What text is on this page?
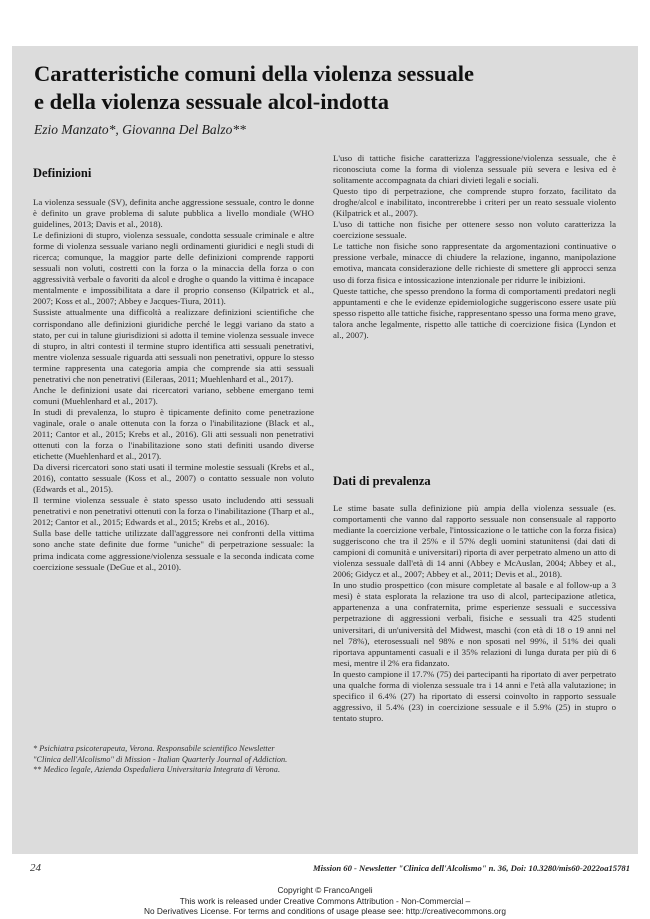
Caratteristiche comuni della violenza sessuale
e della violenza sessuale alcol-indotta

Ezio Manzato*, Giovanna Del Balzo**

Definizioni

La violenza sessuale (SV), definita anche aggressione sessuale, contro le donne è definito un grave problema di salute pubblica a livello mondiale (WHO guidelines, 2013; Davis et al., 2018).

Le definizioni di stupro, violenza sessuale, condotta sessuale criminale e altre forme di violenza sessuale variano negli ordinamenti giuridici e negli studi di ricerca; comunque, la maggior parte delle definizioni comprende rapporti sessuali non voluti, costretti con la forza o la minaccia della forza o con aggressività verbale o favoriti da alcol e droghe o quando la vittima è incapace mentalmente e impossibilitata a dare il proprio consenso (Kilpatrick et al., 2007; Koss et al., 2007; Abbey e Jacques-Tiura, 2011).

Sussiste attualmente una difficoltà a realizzare definizioni scientifiche che corrispondano alle definizioni giuridiche perché le leggi variano da stato a stato, per cui in talune giurisdizioni si adotta il temine violenza sessuale invece di stupro, in altri contesti il termine stupro identifica atti sessuali penetrativi, mentre violenza sessuale riguarda atti sessuali non penetrativi, oppure lo stesso termine rappresenta una categoria ampia che comprende sia atti sessuali penetrativi che non penetrativi (Eileraas, 2011; Muehlenhard et al., 2017).

Anche le definizioni usate dai ricercatori variano, sebbene emergano temi comuni (Muehlenhard et al., 2017).

In studi di prevalenza, lo stupro è tipicamente definito come penetrazione vaginale, orale o anale ottenuta con la forza o l'inabilitazione (Black et al., 2011; Cantor et al., 2015; Krebs et al., 2016). Gli atti sessuali non penetrativi ottenuti con la forza o l'inabilitazione sono stati definiti usando diverse etichette (Muehlenhard et al., 2017).

Da diversi ricercatori sono stati usati il termine molestie sessuali (Krebs et al., 2016), contatto sessuale (Koss et al., 2007) o contatto sessuale non voluto (Edwards et al., 2015).

Il termine violenza sessuale è stato spesso usato includendo atti sessuali penetrativi e non penetrativi ottenuti con la forza o l'inabilitazione (Tharp et al., 2012; Cantor et al., 2015; Edwards et al., 2015; Krebs et al., 2016).

Sulla base delle tattiche utilizzate dall'aggressore nei confronti della vittima sono anche state definite due forme "uniche" di perpetrazione sessuale: la prima indicata come aggressione/violenza sessuale e la seconda indicata come coercizione sessuale (DeGue et al., 2010).

* Psichiatra psicoterapeuta, Verona. Responsabile scientifico Newsletter "Clinica dell'Alcolismo" di Mission - Italian Quarterly Journal of Addiction.

** Medico legale, Azienda Ospedaliera Universitaria Integrata di Verona.

L'uso di tattiche fisiche caratterizza l'aggressione/violenza sessuale, che è riconosciuta come la forma di violenza sessuale più severa e lesiva ed è solitamente accompagnata da chiari divieti legali e sociali.

Questo tipo di perpetrazione, che comprende stupro forzato, facilitato da droghe/alcol e inabilitato, incontrerebbe i criteri per un reato sessuale violento (Kilpatrick et al., 2007).

L'uso di tattiche non fisiche per ottenere sesso non voluto caratterizza la coercizione sessuale.

Le tattiche non fisiche sono rappresentate da argomentazioni continuative o pressione verbale, minacce di chiudere la relazione, inganno, manipolazione emotiva, mancata considerazione delle richieste di smettere gli approcci senza uso di forza fisica e intossicazione intenzionale per ridurre le inibizioni.

Queste tattiche, che spesso prendono la forma di comportamenti predatori negli appuntamenti e che le evidenze epidemiologiche suggeriscono essere usate più spesso rispetto alle tattiche fisiche, rappresentano spesso una forma meno grave, talora anche legalmente, rispetto alle tattiche di coercizione fisica (Lyndon et al., 2007).

Dati di prevalenza

Le stime basate sulla definizione più ampia della violenza sessuale (es. comportamenti che vanno dal rapporto sessuale non consensuale al rapporto mediante la coercizione verbale, l'intossicazione o le tattiche con la forza fisica) suggeriscono che tra il 25% e il 57% degli uomini statunitensi (dai dati di campioni di comunità e universitari) riporta di aver perpetrato almeno un atto di violenza sessuale dall'età di 14 anni (Abbey e McAuslan, 2004; Abbey et al., 2006; Gidycz et al., 2007; Abbey et al., 2011; Devis et al., 2018).

In uno studio prospettico (con misure completate al basale e al follow-up a 3 mesi) è stata esplorata la relazione tra uso di alcol, partecipazione atletica, appartenenza a una confraternita, prime esperienze sessuali e successiva perpetrazione di aggressioni verbali, fisiche e sessuali tra 425 studenti universitari, di un'università del Midwest, maschi (con età di 18 o 19 anni nel nel 78%), eterosessuali nel 98% e non sposati nel 99%, il 51% dei quali riportava appuntamenti casuali e il 35% relazioni di lunga durata per più di 6 mesi, mentre il 2% era fidanzato.

In questo campione il 17.7% (75) dei partecipanti ha riportato di aver perpetrato una qualche forma di violenza sessuale tra i 14 anni e l'età alla valutazione; in specifico il 6.4% (27) ha riportato di essersi coinvolto in rapporto sessuale aggressivo, il 5.4% (23) in coercizione sessuale e il 5.9% (25) in stupro o tentato stupro.

24	Mission 60 - Newsletter "Clinica dell'Alcolismo" n. 36, Doi: 10.3280/mis60-2022oa15781
Copyright © FrancoAngeli
This work is released under Creative Commons Attribution - Non-Commercial –
No Derivatives License. For terms and conditions of usage please see: http://creativecommons.org
